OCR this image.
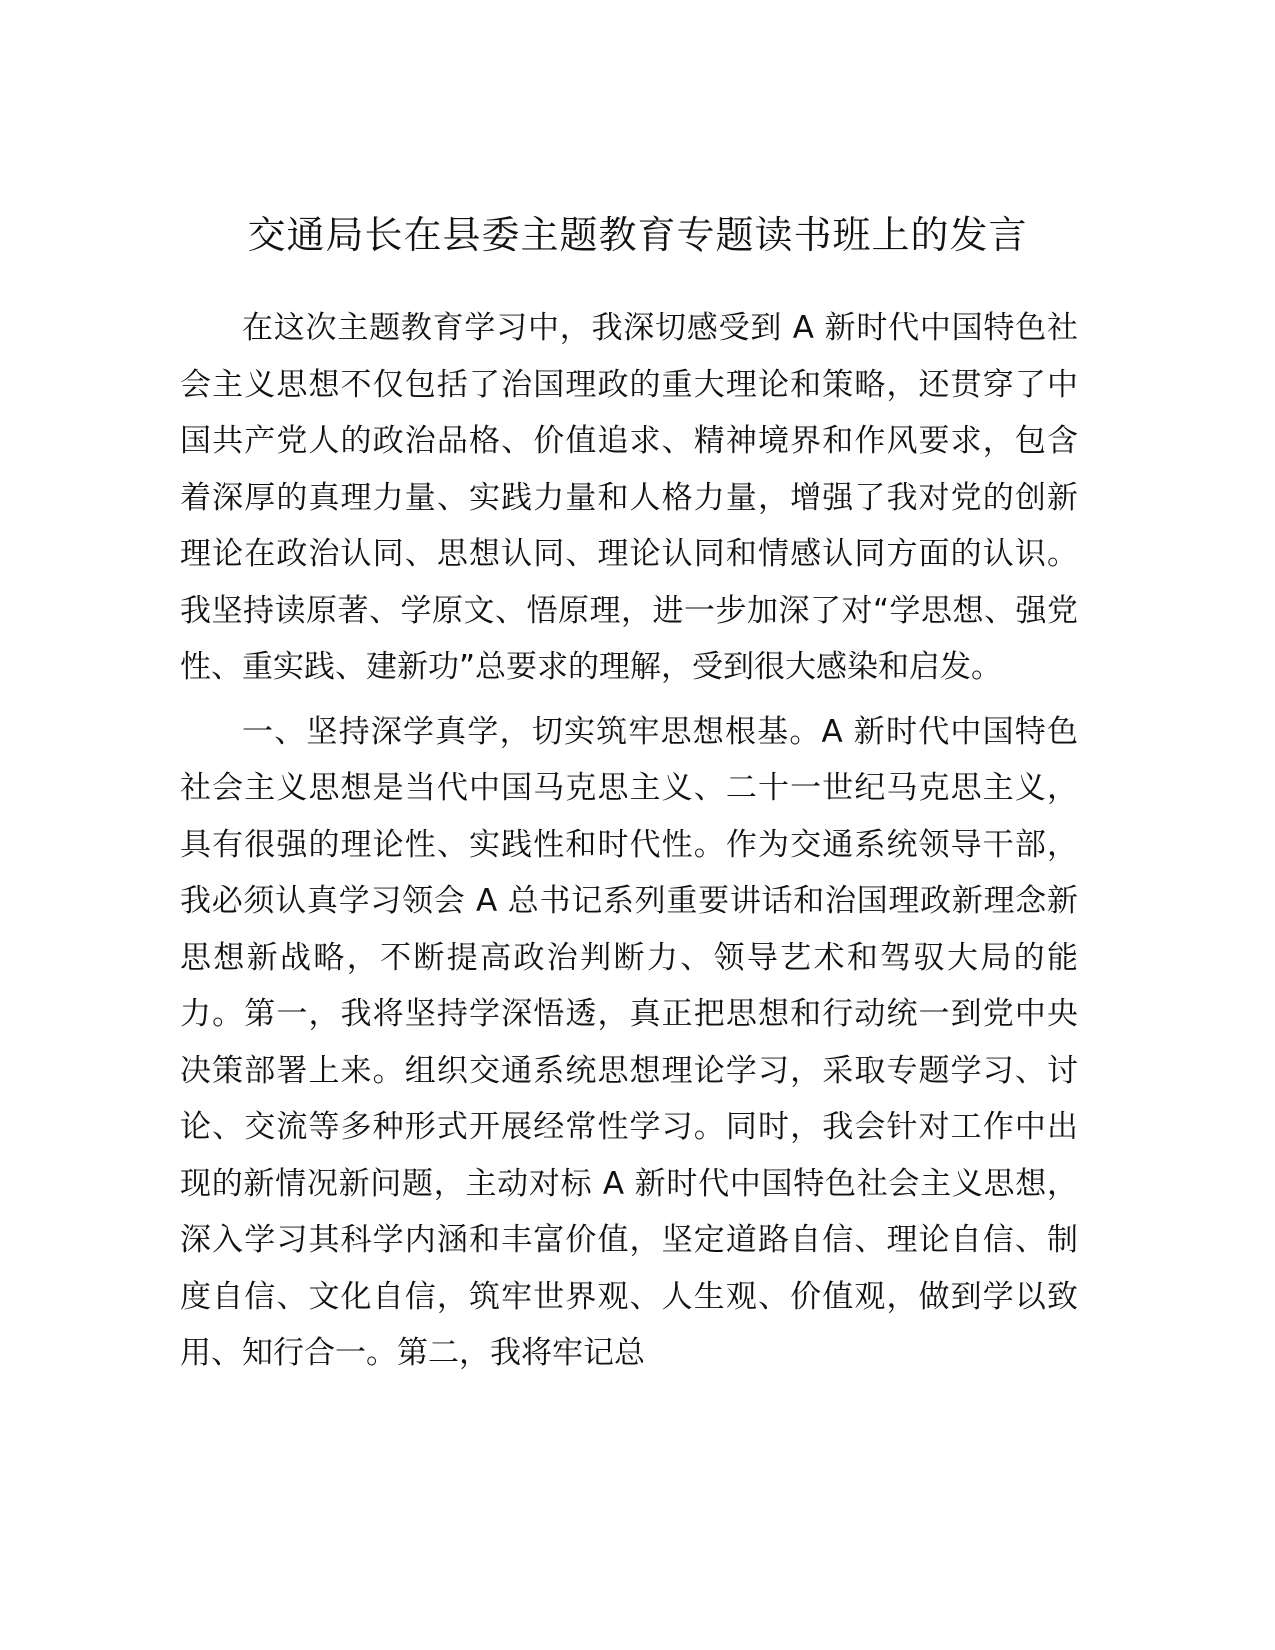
交通局长在县委主题教育专题读书班上的发言

在这次主题教育学习中，我深切感受到 A 新时代中国特色社会主义思想不仅包括了治国理政的重大理论和策略，还贯穿了中国共产党人的政治品格、价值追求、精神境界和作风要求，包含着深厚的真理力量、实践力量和人格力量，增强了我对党的创新理论在政治认同、思想认同、理论认同和情感认同方面的认识。我坚持读原著、学原文、悟原理，进一步加深了对“学思想、强党性、重实践、建新功”总要求的理解，受到很大感染和启发。

一、坚持深学真学，切实筑牢思想根基。A 新时代中国特色社会主义思想是当代中国马克思主义、二十一世纪马克思主义，具有很强的理论性、实践性和时代性。作为交通系统领导干部，我必须认真学习领会 A 总书记系列重要讲话和治国理政新理念新思想新战略，不断提高政治判断力、领导艺术和驾驭大局的能力。第一，我将坚持学深悟透，真正把思想和行动统一到党中央决策部署上来。组织交通系统思想理论学习，采取专题学习、讨论、交流等多种形式开展经常性学习。同时，我会针对工作中出现的新情况新问题，主动对标 A 新时代中国特色社会主义思想，深入学习其科学内涵和丰富价值，坚定道路自信、理论自信、制度自信、文化自信，筑牢世界观、人生观、价值观，做到学以致用、知行合一。第二，我将牢记总
